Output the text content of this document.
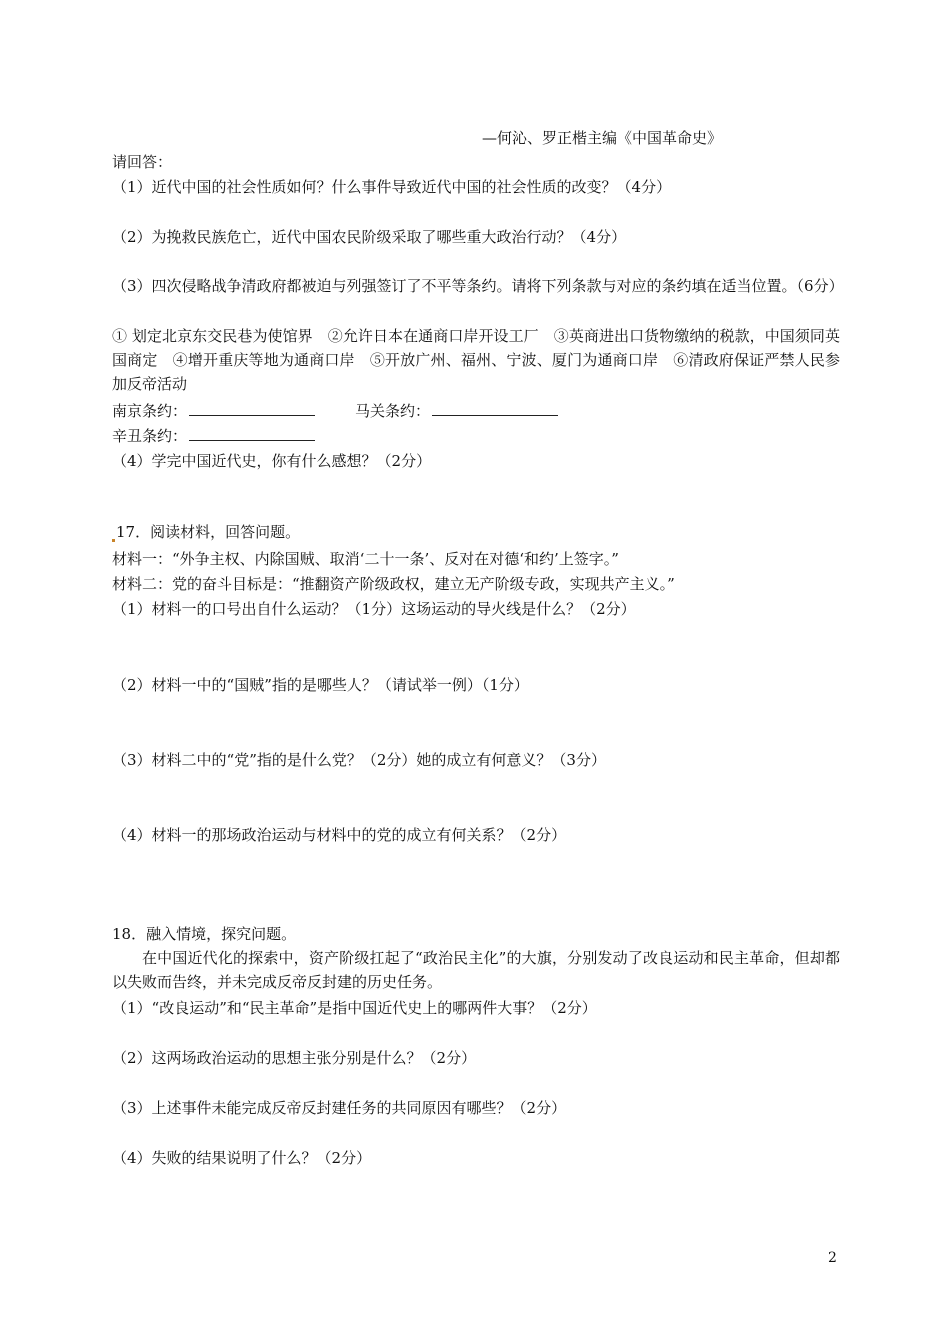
—何沁、罗正楷主编《中国革命史》
请回答：
（1）近代中国的社会性质如何？什么事件导致近代中国的社会性质的改变？（4分）
（2）为挽救民族危亡，近代中国农民阶级采取了哪些重大政治行动？（4分）
（3）四次侵略战争清政府都被迫与列强签订了不平等条约。请将下列条款与对应的条约填在适当位置。（6分）
① 划定北京东交民巷为使馆界　②允许日本在通商口岸开设工厂　③英商进出口货物缴纳的税款，中国须同英国商定　④增开重庆等地为通商口岸　⑤开放广州、福州、宁波、厦门为通商口岸　⑥清政府保证严禁人民参加反帝活动
南京条约：	马关条约：
辛丑条约：
（4）学完中国近代史，你有什么感想？（2分）
17．阅读材料，回答问题。
材料一：“外争主权、内除国贼、取消‘二十一条’、反对在对德‘和约’上签字。”
材料二：党的奋斗目标是：“推翻资产阶级政权，建立无产阶级专政，实现共产主义。”
（1）材料一的口号出自什么运动？（1分）这场运动的导火线是什么？（2分）
（2）材料一中的“国贼”指的是哪些人？（请试举一例）（1分）
（3）材料二中的“党”指的是什么党？（2分）她的成立有何意义？（3分）
（4）材料一的那场政治运动与材料中的党的成立有何关系？（2分）
18．融入情境，探究问题。
在中国近代化的探索中，资产阶级扛起了“政治民主化”的大旗，分别发动了改良运动和民主革命，但却都以失败而告终，并未完成反帝反封建的历史任务。
（1）“改良运动”和“民主革命”是指中国近代史上的哪两件大事？（2分）
（2）这两场政治运动的思想主张分别是什么？（2分）
（3）上述事件未能完成反帝反封建任务的共同原因有哪些？（2分）
（4）失败的结果说明了什么？（2分）
2
